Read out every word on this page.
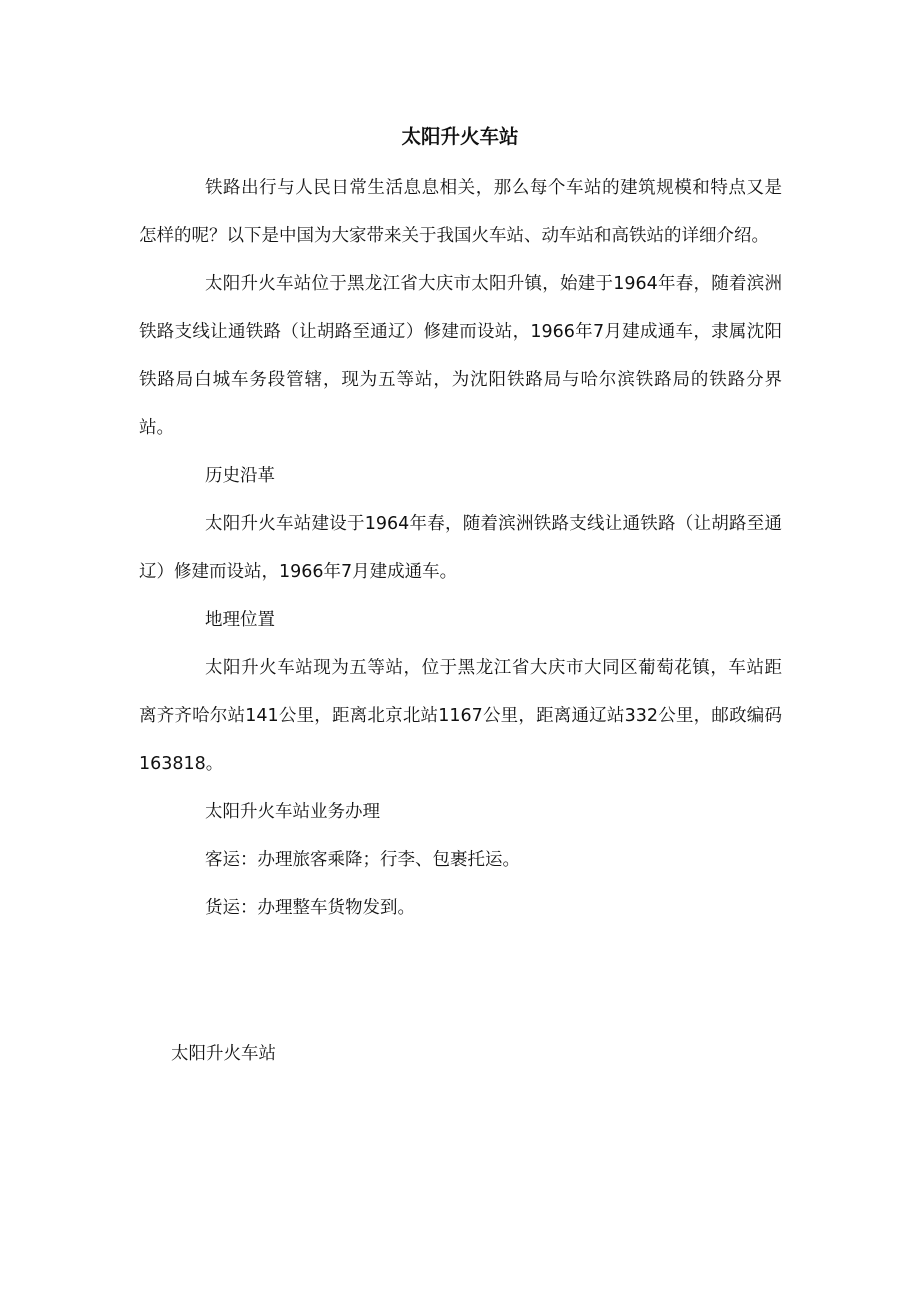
太阳升火车站

铁路出行与人民日常生活息息相关，那么每个车站的建筑规模和特点又是怎样的呢？以下是中国为大家带来关于我国火车站、动车站和高铁站的详细介绍。

太阳升火车站位于黑龙江省大庆市太阳升镇，始建于1964年春，随着滨洲铁路支线让通铁路（让胡路至通辽）修建而设站，1966年7月建成通车，隶属沈阳铁路局白城车务段管辖，现为五等站，为沈阳铁路局与哈尔滨铁路局的铁路分界站。

历史沿革

太阳升火车站建设于1964年春，随着滨洲铁路支线让通铁路（让胡路至通辽）修建而设站，1966年7月建成通车。

地理位置

太阳升火车站现为五等站，位于黑龙江省大庆市大同区葡萄花镇，车站距离齐齐哈尔站141公里，距离北京北站1167公里，距离通辽站332公里，邮政编码163818。

太阳升火车站业务办理

客运：办理旅客乘降；行李、包裹托运。

货运：办理整车货物发到。

太阳升火车站
